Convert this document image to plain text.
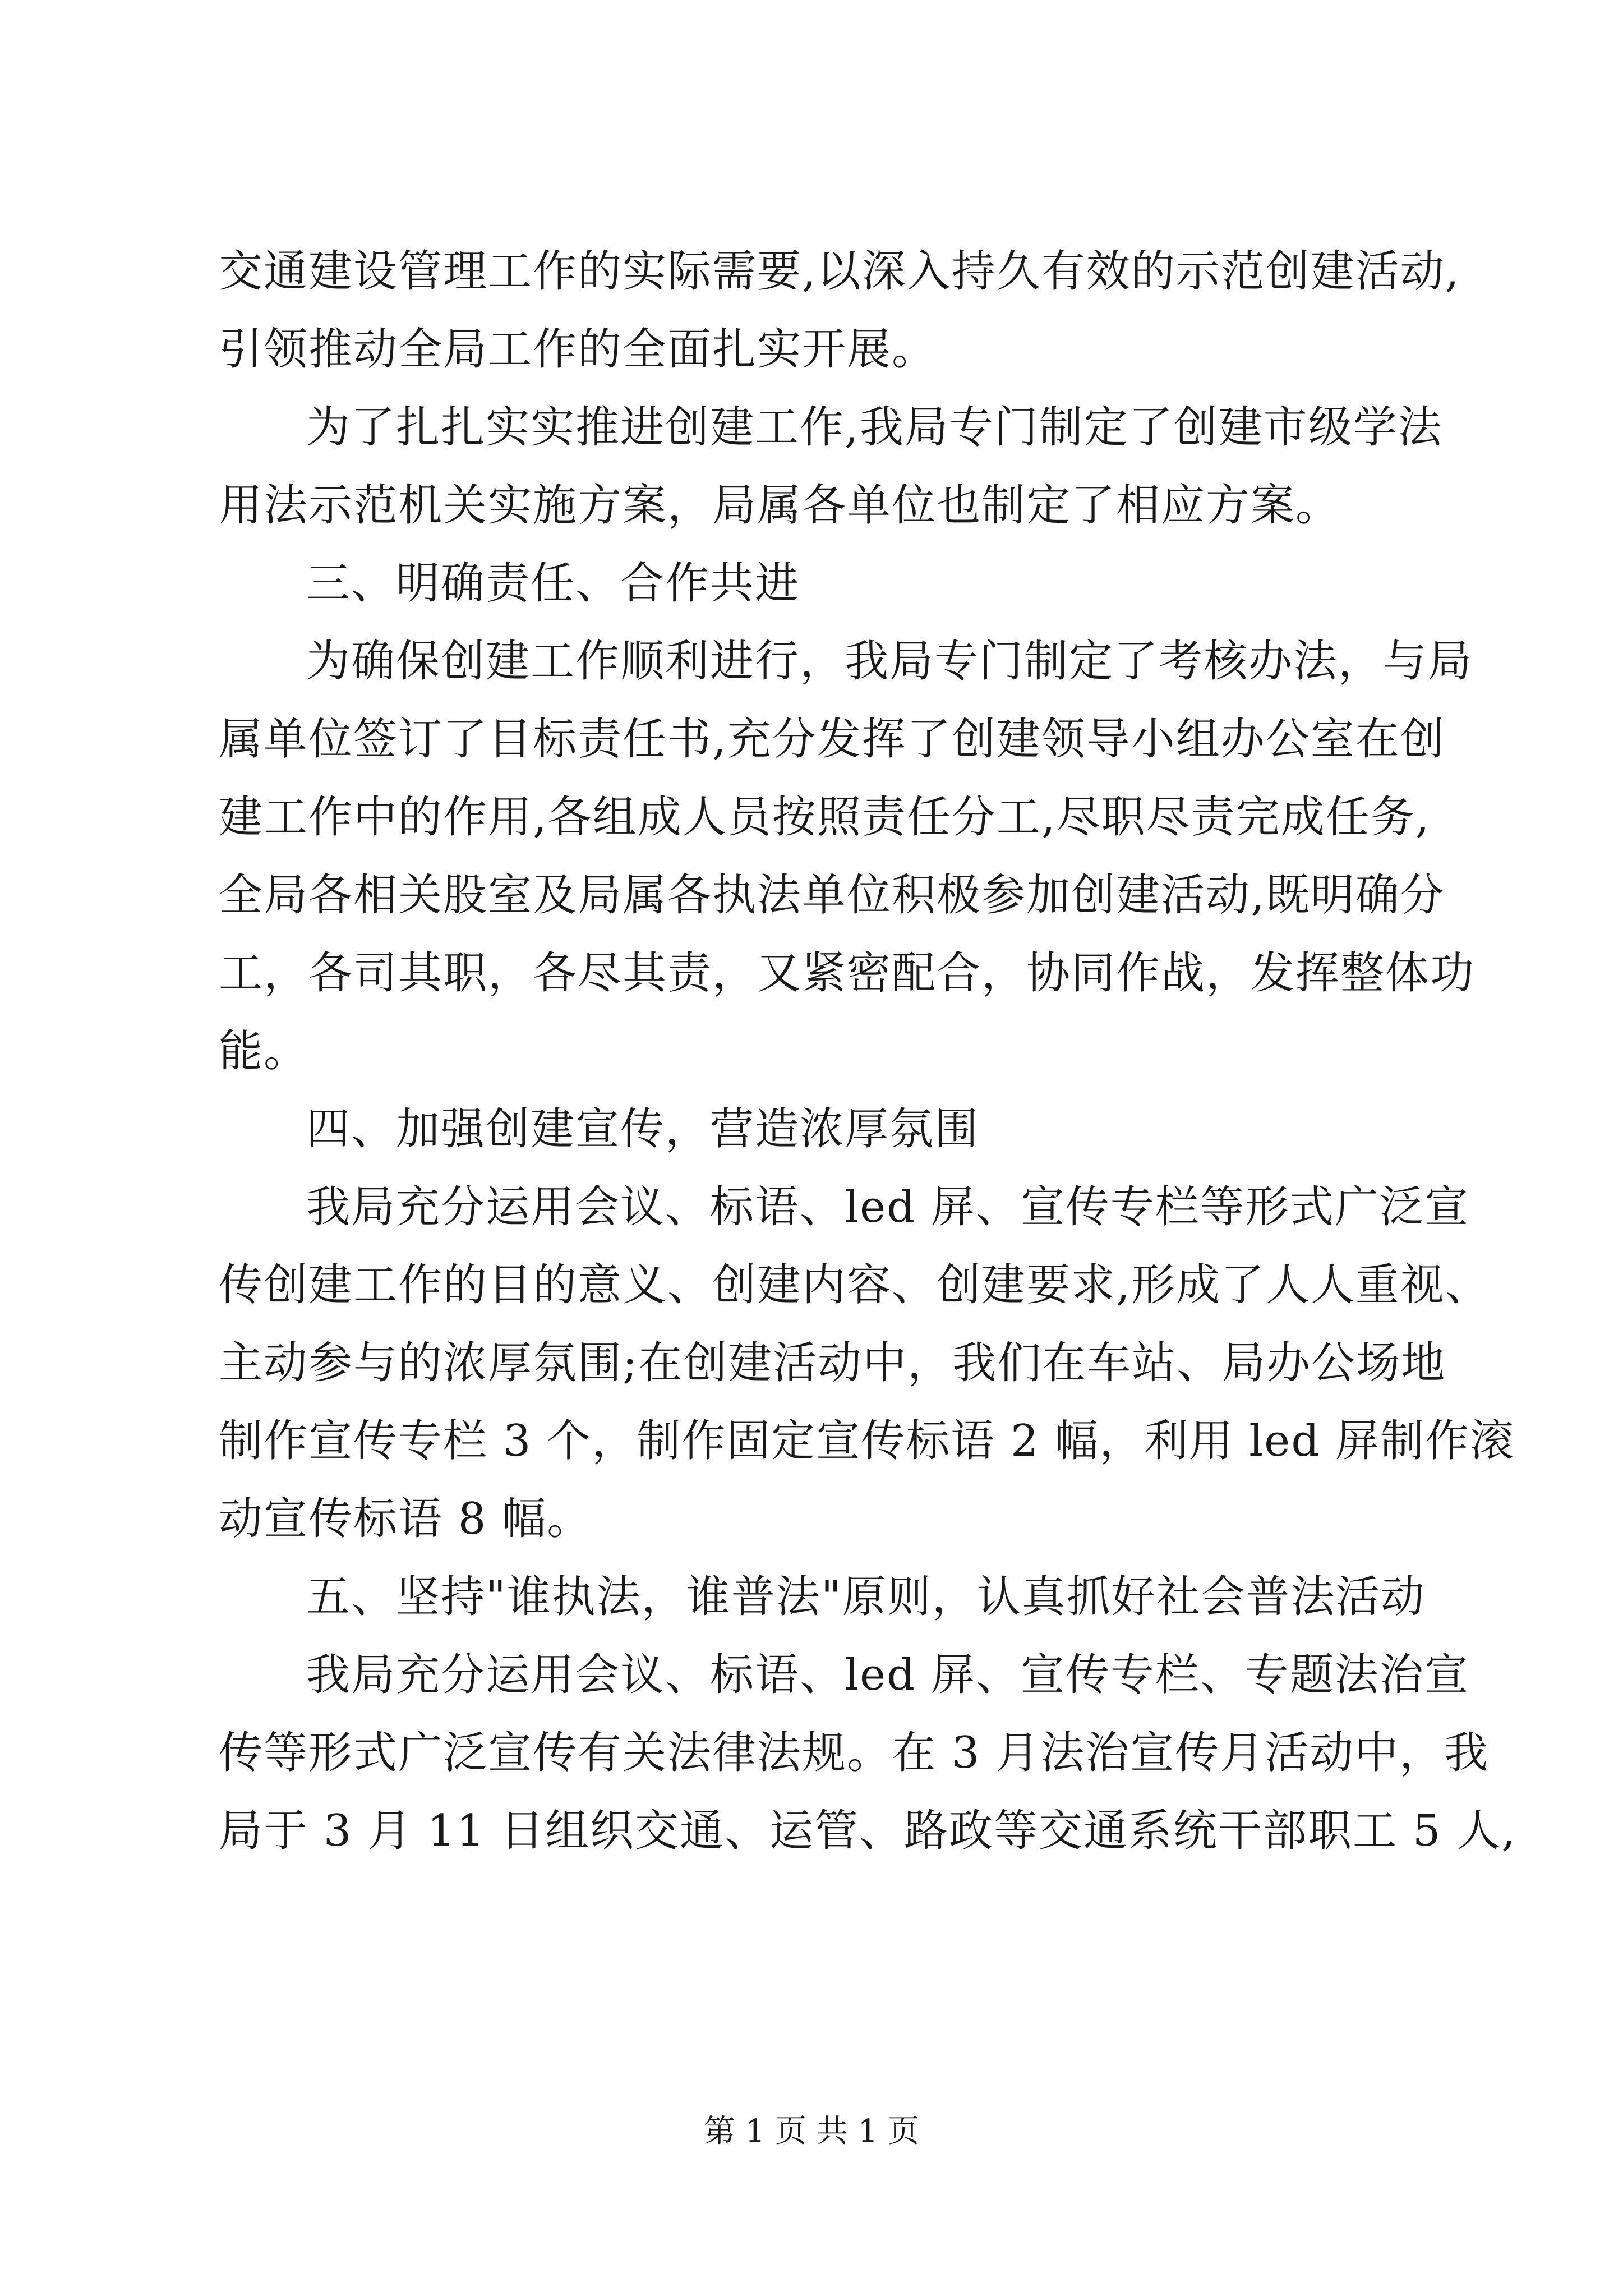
交通建设管理工作的实际需要,以深入持久有效的示范创建活动,
引领推动全局工作的全面扎实开展。
为了扎扎实实推进创建工作,我局专门制定了创建市级学法
用法示范机关实施方案，局属各单位也制定了相应方案。
三、明确责任、合作共进
为确保创建工作顺利进行，我局专门制定了考核办法，与局
属单位签订了目标责任书,充分发挥了创建领导小组办公室在创
建工作中的作用,各组成人员按照责任分工,尽职尽责完成任务,
全局各相关股室及局属各执法单位积极参加创建活动,既明确分
工，各司其职，各尽其责，又紧密配合，协同作战，发挥整体功
能。
四、加强创建宣传，营造浓厚氛围
我局充分运用会议、标语、led 屏、宣传专栏等形式广泛宣
传创建工作的目的意义、创建内容、创建要求,形成了人人重视、
主动参与的浓厚氛围;在创建活动中，我们在车站、局办公场地
制作宣传专栏 3 个，制作固定宣传标语 2 幅，利用 led 屏制作滚
动宣传标语 8 幅。
五、坚持"谁执法，谁普法"原则，认真抓好社会普法活动
我局充分运用会议、标语、led 屏、宣传专栏、专题法治宣
传等形式广泛宣传有关法律法规。在 3 月法治宣传月活动中，我
局于 3 月 11 日组织交通、运管、路政等交通系统干部职工 5 人,
第 1 页 共 1 页
